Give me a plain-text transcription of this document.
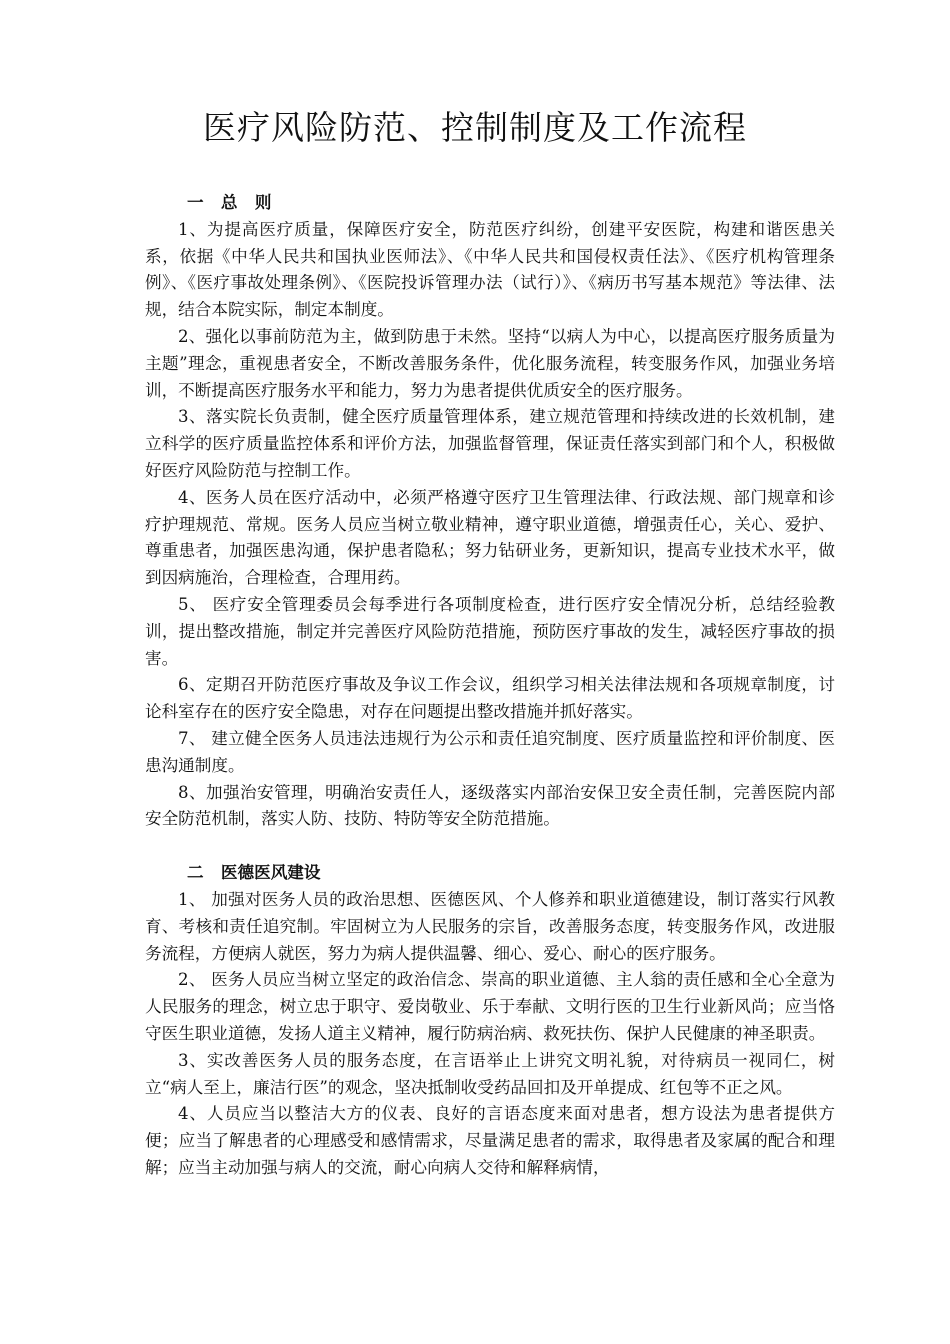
医疗风险防范、控制制度及工作流程

一   总   则

1、为提高医疗质量，保障医疗安全，防范医疗纠纷，创建平安医院，构建和谐医患关系，依据《中华人民共和国执业医师法》、《中华人民共和国侵权责任法》、《医疗机构管理条例》、《医疗事故处理条例》、《医院投诉管理办法（试行）》、《病历书写基本规范》等法律、法规，结合本院实际，制定本制度。

2、强化以事前防范为主，做到防患于未然。坚持“以病人为中心，以提高医疗服务质量为主题”理念，重视患者安全，不断改善服务条件，优化服务流程，转变服务作风，加强业务培训，不断提高医疗服务水平和能力，努力为患者提供优质安全的医疗服务。

3、落实院长负责制，健全医疗质量管理体系，建立规范管理和持续改进的长效机制，建立科学的医疗质量监控体系和评价方法，加强监督管理，保证责任落实到部门和个人，积极做好医疗风险防范与控制工作。

4、医务人员在医疗活动中，必须严格遵守医疗卫生管理法律、行政法规、部门规章和诊疗护理规范、常规。医务人员应当树立敬业精神，遵守职业道德，增强责任心，关心、爱护、尊重患者，加强医患沟通，保护患者隐私；努力钻研业务，更新知识，提高专业技术水平，做到因病施治，合理检查，合理用药。

5、 医疗安全管理委员会每季进行各项制度检查，进行医疗安全情况分析，总结经验教训，提出整改措施，制定并完善医疗风险防范措施，预防医疗事故的发生，减轻医疗事故的损害。

6、定期召开防范医疗事故及争议工作会议，组织学习相关法律法规和各项规章制度，讨论科室存在的医疗安全隐患，对存在问题提出整改措施并抓好落实。

7、 建立健全医务人员违法违规行为公示和责任追究制度、医疗质量监控和评价制度、医患沟通制度。

8、加强治安管理，明确治安责任人，逐级落实内部治安保卫安全责任制，完善医院内部安全防范机制，落实人防、技防、特防等安全防范措施。

二   医德医风建设

1、 加强对医务人员的政治思想、医德医风、个人修养和职业道德建设，制订落实行风教育、考核和责任追究制。牢固树立为人民服务的宗旨，改善服务态度，转变服务作风，改进服务流程，方便病人就医，努力为病人提供温馨、细心、爱心、耐心的医疗服务。

2、 医务人员应当树立坚定的政治信念、崇高的职业道德、主人翁的责任感和全心全意为人民服务的理念，树立忠于职守、爱岗敬业、乐于奉献、文明行医的卫生行业新风尚；应当恪守医生职业道德，发扬人道主义精神，履行防病治病、救死扶伤、保护人民健康的神圣职责。

3、实改善医务人员的服务态度，在言语举止上讲究文明礼貌，对待病员一视同仁，树立“病人至上，廉洁行医”的观念，坚决抵制收受药品回扣及开单提成、红包等不正之风。

4、人员应当以整洁大方的仪表、良好的言语态度来面对患者，想方设法为患者提供方便；应当了解患者的心理感受和感情需求，尽量满足患者的需求，取得患者及家属的配合和理解；应当主动加强与病人的交流，耐心向病人交待和解释病情，
